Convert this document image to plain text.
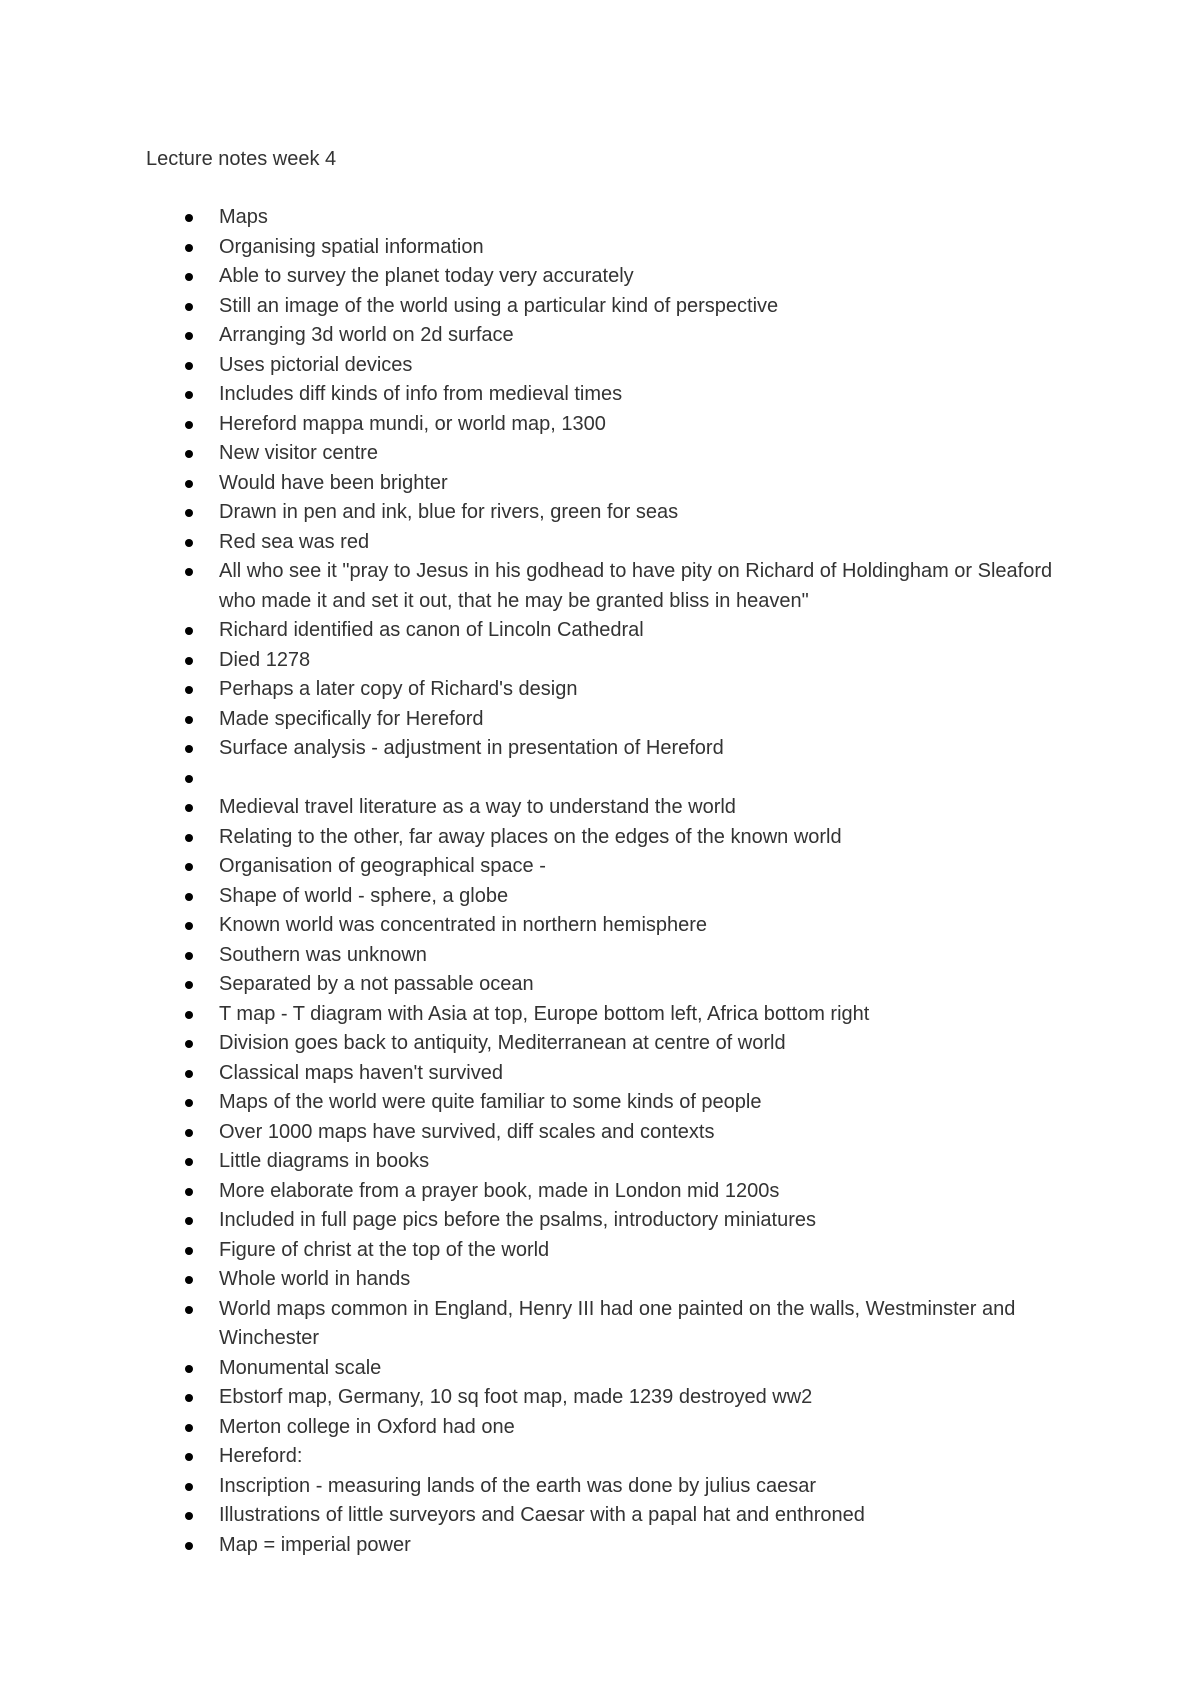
Lecture notes week 4
Maps
Organising spatial information
Able to survey the planet today very accurately
Still an image of the world using a particular kind of perspective
Arranging 3d world on 2d surface
Uses pictorial devices
Includes diff kinds of info from medieval times
Hereford mappa mundi, or world map, 1300
New visitor centre
Would have been brighter
Drawn in pen and ink, blue for rivers, green for seas
Red sea was red
All who see it "pray to Jesus in his godhead to have pity on Richard of Holdingham or Sleaford who made it and set it out, that he may be granted bliss in heaven"
Richard identified as canon of Lincoln Cathedral
Died 1278
Perhaps a later copy of Richard's design
Made specifically for Hereford
Surface analysis - adjustment in presentation of Hereford
Medieval travel literature as a way to understand the world
Relating to the other, far away places on the edges of the known world
Organisation of geographical space -
Shape of world - sphere, a globe
Known world was concentrated in northern hemisphere
Southern was unknown
Separated by a not passable ocean
T map - T diagram with Asia at top, Europe bottom left, Africa bottom right
Division goes back to antiquity, Mediterranean at centre of world
Classical maps haven't survived
Maps of the world were quite familiar to some kinds of people
Over 1000 maps have survived, diff scales and contexts
Little diagrams in books
More elaborate from a prayer book, made in London mid 1200s
Included in full page pics before the psalms, introductory miniatures
Figure of christ at the top of the world
Whole world in hands
World maps common in England, Henry III had one painted on the walls, Westminster and Winchester
Monumental scale
Ebstorf map, Germany, 10 sq foot map, made 1239 destroyed ww2
Merton college in Oxford had one
Hereford:
Inscription - measuring lands of the earth was done by julius caesar
Illustrations of little surveyors and Caesar with a papal hat and enthroned
Map = imperial power
